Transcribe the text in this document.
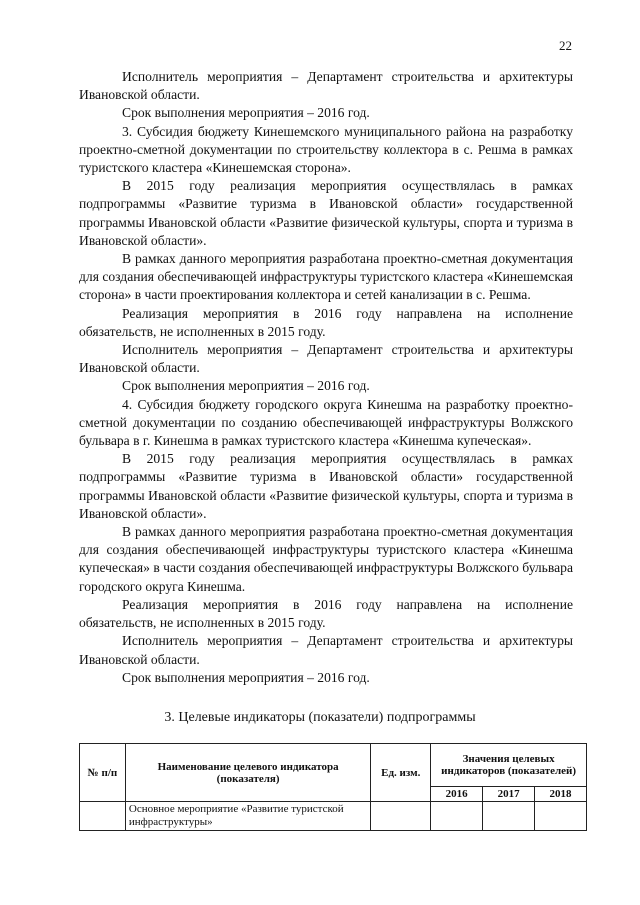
22

Исполнитель мероприятия – Департамент строительства и архитектуры Ивановской области.

Срок выполнения мероприятия – 2016 год.

3. Субсидия бюджету Кинешемского муниципального района на разработку проектно-сметной документации по строительству коллектора в с. Решма в рамках туристского кластера «Кинешемская сторона».

В 2015 году реализация мероприятия осуществлялась в рамках подпрограммы «Развитие туризма в Ивановской области» государственной программы Ивановской области «Развитие физической культуры, спорта и туризма в Ивановской области».

В рамках данного мероприятия разработана проектно-сметная документация для создания обеспечивающей инфраструктуры туристского кластера «Кинешемская сторона» в части проектирования коллектора и сетей канализации в с. Решма.

Реализация мероприятия в 2016 году направлена на исполнение обязательств, не исполненных в 2015 году.

Исполнитель мероприятия – Департамент строительства и архитектуры Ивановской области.

Срок выполнения мероприятия – 2016 год.

4. Субсидия бюджету городского округа Кинешма на разработку проектно-сметной документации по созданию обеспечивающей инфраструктуры Волжского бульвара в г. Кинешма в рамках туристского кластера «Кинешма купеческая».

В 2015 году реализация мероприятия осуществлялась в рамках подпрограммы «Развитие туризма в Ивановской области» государственной программы Ивановской области «Развитие физической культуры, спорта и туризма в Ивановской области».

В рамках данного мероприятия разработана проектно-сметная документация для создания обеспечивающей инфраструктуры туристского кластера «Кинешма купеческая» в части создания обеспечивающей инфраструктуры Волжского бульвара городского округа Кинешма.

Реализация мероприятия в 2016 году направлена на исполнение обязательств, не исполненных в 2015 году.

Исполнитель мероприятия – Департамент строительства и архитектуры Ивановской области.

Срок выполнения мероприятия – 2016 год.

3. Целевые индикаторы (показатели) подпрограммы
№ п/п	Наименование целевого индикатора (показателя)	Ед. изм.	Значения целевых индикаторов (показателей)		
			2016	2017	2018
	Основное мероприятие «Развитие туристской инфраструктуры»				
